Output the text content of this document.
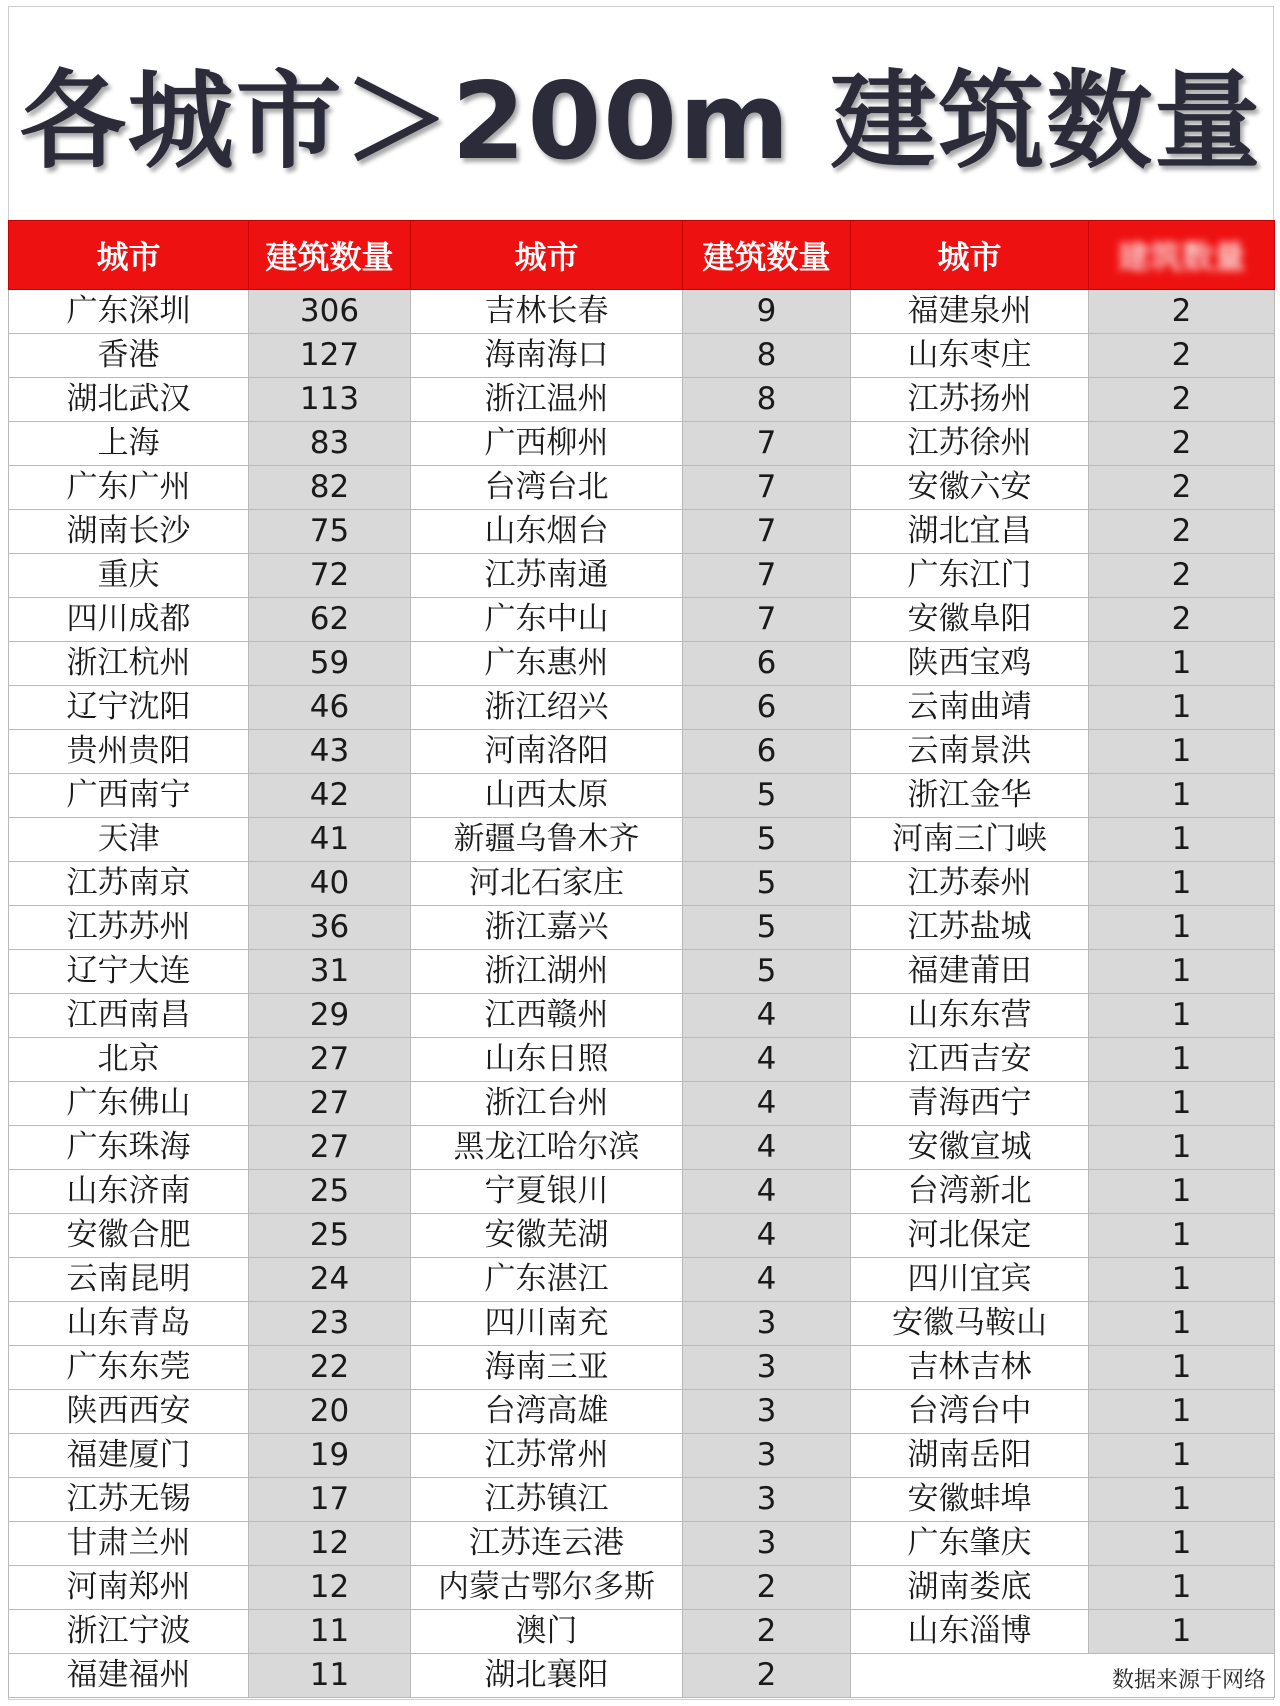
各城市＞200m 建筑数量
城市	建筑数量	城市	建筑数量	城市	建筑数量
广东深圳	306	吉林长春	9	福建泉州	2
香港	127	海南海口	8	山东枣庄	2
湖北武汉	113	浙江温州	8	江苏扬州	2
上海	83	广西柳州	7	江苏徐州	2
广东广州	82	台湾台北	7	安徽六安	2
湖南长沙	75	山东烟台	7	湖北宜昌	2
重庆	72	江苏南通	7	广东江门	2
四川成都	62	广东中山	7	安徽阜阳	2
浙江杭州	59	广东惠州	6	陕西宝鸡	1
辽宁沈阳	46	浙江绍兴	6	云南曲靖	1
贵州贵阳	43	河南洛阳	6	云南景洪	1
广西南宁	42	山西太原	5	浙江金华	1
天津	41	新疆乌鲁木齐	5	河南三门峡	1
江苏南京	40	河北石家庄	5	江苏泰州	1
江苏苏州	36	浙江嘉兴	5	江苏盐城	1
辽宁大连	31	浙江湖州	5	福建莆田	1
江西南昌	29	江西赣州	4	山东东营	1
北京	27	山东日照	4	江西吉安	1
广东佛山	27	浙江台州	4	青海西宁	1
广东珠海	27	黑龙江哈尔滨	4	安徽宣城	1
山东济南	25	宁夏银川	4	台湾新北	1
安徽合肥	25	安徽芜湖	4	河北保定	1
云南昆明	24	广东湛江	4	四川宜宾	1
山东青岛	23	四川南充	3	安徽马鞍山	1
广东东莞	22	海南三亚	3	吉林吉林	1
陕西西安	20	台湾高雄	3	台湾台中	1
福建厦门	19	江苏常州	3	湖南岳阳	1
江苏无锡	17	江苏镇江	3	安徽蚌埠	1
甘肃兰州	12	江苏连云港	3	广东肇庆	1
河南郑州	12	内蒙古鄂尔多斯	2	湖南娄底	1
浙江宁波	11	澳门	2	山东淄博	1
福建福州	11	湖北襄阳	2			数据来源于网络
